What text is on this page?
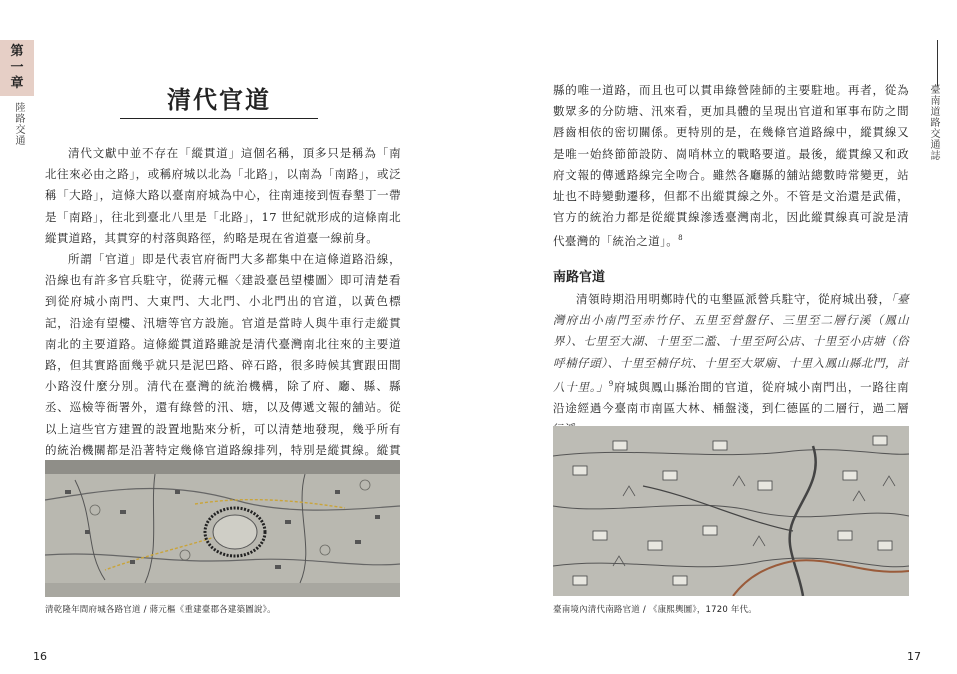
第
一
章
陸路交通
清代官道

清代文獻中並不存在「縱貫道」這個名稱，頂多只是稱為「南北往來必由之路」，或稱府城以北為「北路」，以南為「南路」，或泛稱「大路」，這條大路以臺南府城為中心，往南連接到恆春墾丁一帶是「南路」，往北到臺北八里是「北路」，17 世紀就形成的這條南北縱貫道路，其貫穿的村落與路徑，約略是現在省道臺一線前身。

所謂「官道」即是代表官府衙門大多都集中在這條道路沿線，沿線也有許多官兵駐守，從蔣元樞〈建設臺邑望樓圖〉即可清楚看到從府城小南門、大東門、大北門、小北門出的官道，以黃色標記，沿途有望樓、汛塘等官方設施。官道是當時人與牛車行走縱貫南北的主要道路。這條縱貫道路雖說是清代臺灣南北往來的主要道路，但其實路面幾乎就只是泥巴路、碎石路，很多時候其實跟田間小路沒什麼分別。清代在臺灣的統治機構，除了府、廳、縣、縣丞、巡檢等衙署外，還有綠營的汛、塘，以及傳遞文報的舖站。從以上這些官方建置的設置地點來分析，可以清楚地發現，幾乎所有的統治機關都是沿著特定幾條官道路線排列，特別是縱貫線。縱貫

清乾隆年間府城各路官道 / 蔣元樞《重建臺郡各建築圖說》。
16
臺南道路交通誌

縣的唯一道路，而且也可以貫串綠營陸師的主要駐地。再者，從為數眾多的分防塘、汛來看，更加具體的呈現出官道和軍事布防之間唇齒相依的密切關係。更特別的是，在幾條官道路線中，縱貫線又是唯一始終節節設防、崗哨林立的戰略要道。最後，縱貫線又和政府文報的傳遞路線完全吻合。雖然各廳縣的舖站總數時常變更，站址也不時變動遷移，但都不出縱貫線之外。不管是文治還是武備，官方的統治力都是從縱貫線滲透臺灣南北，因此縱貫線真可說是清代臺灣的「統治之道」。$^8$

南路官道

清領時期沿用明鄭時代的屯墾區派營兵駐守，從府城出發，「臺灣府出小南門至赤竹仔、五里至營盤仔、三里至二層行溪（鳳山界）、七里至大湖、十里至二濫、十里至阿公店、十里至小店塘（俗呼楠仔頭）、十里至楠仔坑、十里至大眾廟、十里入鳳山縣北門，計八十里。」$^9$府城與鳳山縣治間的官道，從府城小南門出，一路往南沿途經過今臺南市南區大林、桶盤淺，到仁德區的二層行，過二層

臺南境內清代南路官道 / 《康熙輿圖》，1720 年代。
17
